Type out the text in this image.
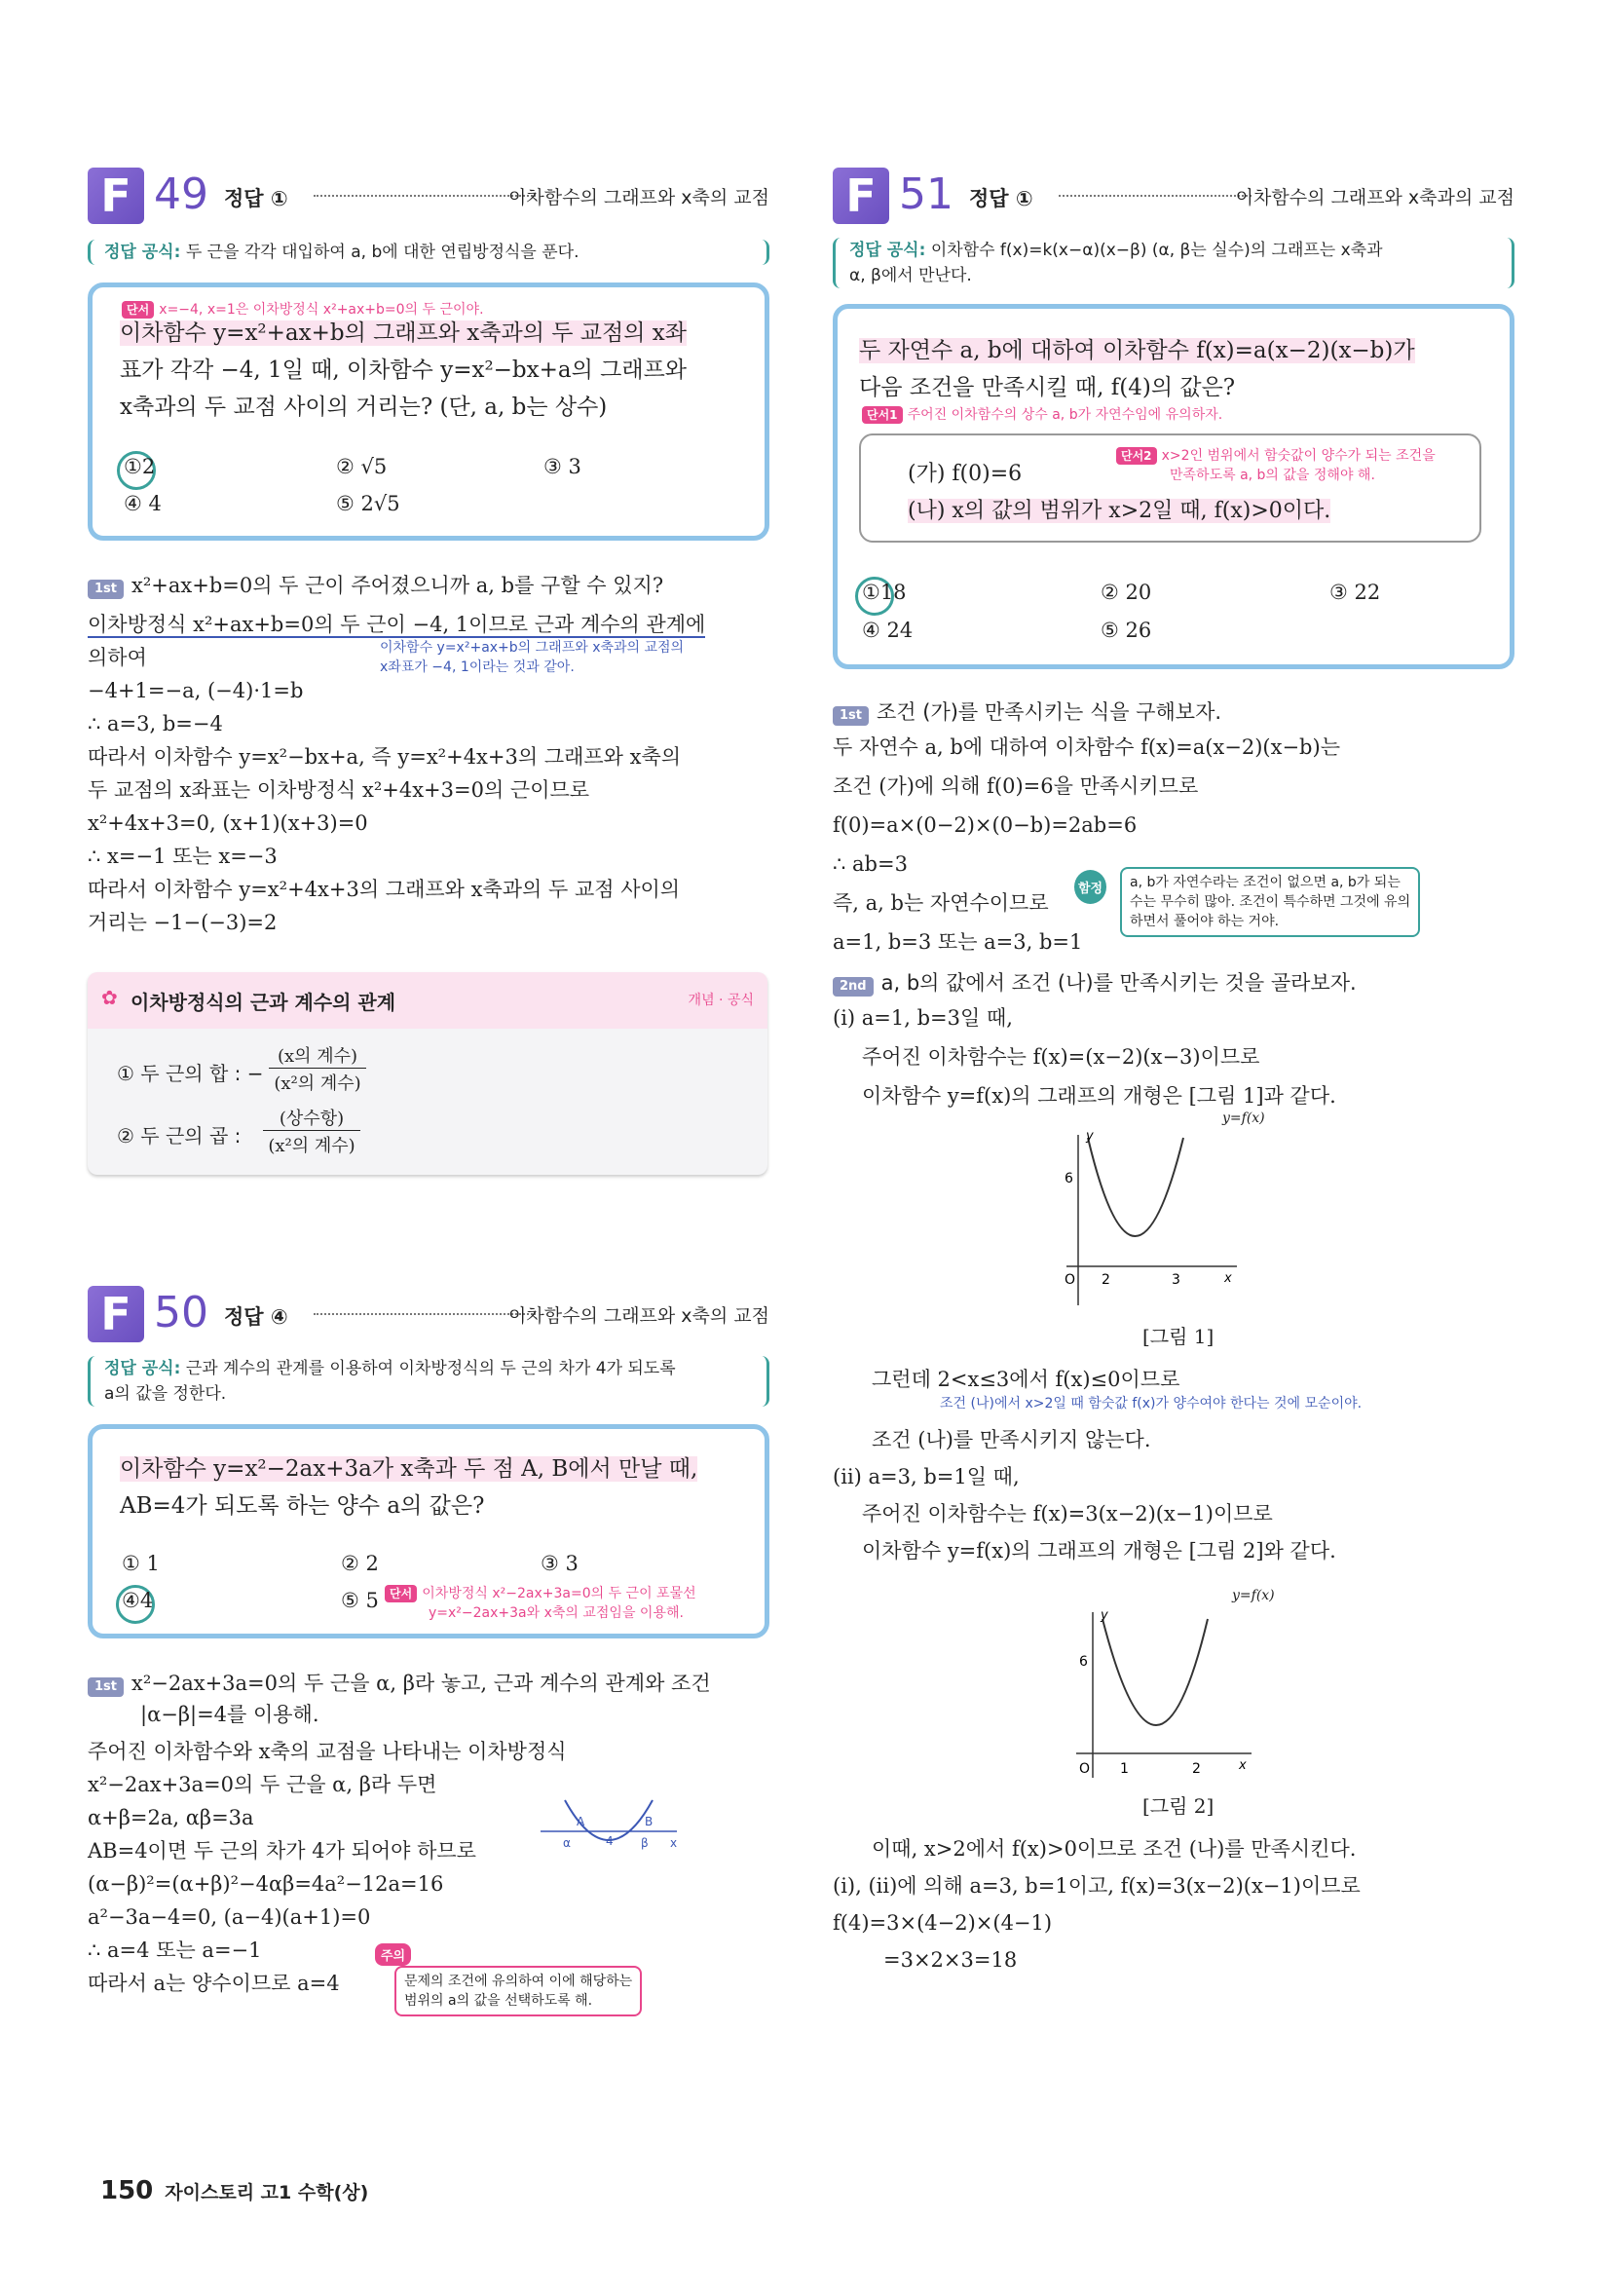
F 49 정답 ①	이차함수의 그래프와 x축의 교점
정답 공식: 두 근을 각각 대입하여 a, b에 대한 연립방정식을 푼다.
단서 x=−4, x=1은 이차방정식 x²+ax+b=0의 두 근이야.
이차함수 y=x²+ax+b의 그래프와 x축과의 두 교점의 x좌
표가 각각 −4, 1일 때, 이차함수 y=x²−bx+a의 그래프와
x축과의 두 교점 사이의 거리는? (단, a, b는 상수)
①2	② √5	③ 3
④ 4	⑤ 2√5
1st x²+ax+b=0의 두 근이 주어졌으니까 a, b를 구할 수 있지?
이차방정식 x²+ax+b=0의 두 근이 −4, 1이므로 근과 계수의 관계에
의하여	이차함수 y=x²+ax+b의 그래프와 x축과의 교점의
x좌표가 −4, 1이라는 것과 같아.
−4+1=−a, (−4)·1=b
∴ a=3, b=−4
따라서 이차함수 y=x²−bx+a, 즉 y=x²+4x+3의 그래프와 x축의
두 교점의 x좌표는 이차방정식 x²+4x+3=0의 근이므로
x²+4x+3=0, (x+1)(x+3)=0
∴ x=−1 또는 x=−3
따라서 이차함수 y=x²+4x+3의 그래프와 x축과의 두 교점 사이의
거리는 −1−(−3)=2
✿ 이차방정식의 근과 계수의 관계	개념 · 공식
① 두 근의 합 : −
(x의 계수)
(x²의 계수)
② 두 근의 곱 :
(상수항)
(x²의 계수)
F 50 정답 ④	이차함수의 그래프와 x축의 교점
정답 공식: 근과 계수의 관계를 이용하여 이차방정식의 두 근의 차가 4가 되도록
a의 값을 정한다.
이차함수 y=x²−2ax+3a가 x축과 두 점 A, B에서 만날 때,
AB=4가 되도록 하는 양수 a의 값은?
① 1	② 2	③ 3
④4	⑤ 5 단서 이차방정식 x²−2ax+3a=0의 두 근이 포물선
y=x²−2ax+3a와 x축의 교점임을 이용해.
1st x²−2ax+3a=0의 두 근을 α, β라 놓고, 근과 계수의 관계와 조건
|α−β|=4를 이용해.
주어진 이차함수와 x축의 교점을 나타내는 이차방정식
x²−2ax+3a=0의 두 근을 α, β라 두면
α+β=2a, αβ=3a
AB=4이면 두 근의 차가 4가 되어야 하므로
(α−β)²=(α+β)²−4αβ=4a²−12a=16
a²−3a−4=0, (a−4)(a+1)=0
∴ a=4 또는 a=−1
따라서 a는 양수이므로 a=4
A	B
α	β
4	x
주의
문제의 조건에 유의하여 이에 해당하는
범위의 a의 값을 선택하도록 해.
F 51 정답 ①	이차함수의 그래프와 x축과의 교점
정답 공식: 이차함수 f(x)=k(x−α)(x−β) (α, β는 실수)의 그래프는 x축과
α, β에서 만난다.
두 자연수 a, b에 대하여 이차함수 f(x)=a(x−2)(x−b)가
다음 조건을 만족시킬 때, f(4)의 값은?
단서1 주어진 이차함수의 상수 a, b가 자연수임에 유의하자.
(가) f(0)=6
(나) x의 값의 범위가 x>2일 때, f(x)>0이다.
단서2 x>2인 범위에서 함숫값이 양수가 되는 조건을
만족하도록 a, b의 값을 정해야 해.
①18	② 20	③ 22
④ 24	⑤ 26
1st 조건 (가)를 만족시키는 식을 구해보자.
두 자연수 a, b에 대하여 이차함수 f(x)=a(x−2)(x−b)는
조건 (가)에 의해 f(0)=6을 만족시키므로
f(0)=a×(0−2)×(0−b)=2ab=6
∴ ab=3
즉, a, b는 자연수이므로
a=1, b=3 또는 a=3, b=1
2nd a, b의 값에서 조건 (나)를 만족시키는 것을 골라보자.
(ⅰ) a=1, b=3일 때,
주어진 이차함수는 f(x)=(x−2)(x−3)이므로
이차함수 y=f(x)의 그래프의 개형은 [그림 1]과 같다.
함정 a, b가 자연수라는 조건이 없으면 a, b가 되는
수는 무수히 많아. 조건이 특수하면 그것에 유의
하면서 풀어야 하는 거야.
y
x
O
6
2	3
y=f(x)
[그림 1]
그런데 2<x≤3에서 f(x)≤0이므로
조건 (나)에서 x>2일 때 함숫값 f(x)가 양수여야 한다는 것에 모순이야.
조건 (나)를 만족시키지 않는다.
(ⅱ) a=3, b=1일 때,
주어진 이차함수는 f(x)=3(x−2)(x−1)이므로
이차함수 y=f(x)의 그래프의 개형은 [그림 2]와 같다.
y
x
O
6
1	2
y=f(x)
[그림 2]
이때, x>2에서 f(x)>0이므로 조건 (나)를 만족시킨다.
(ⅰ), (ⅱ)에 의해 a=3, b=1이고, f(x)=3(x−2)(x−1)이므로
f(4)=3×(4−2)×(4−1)
=3×2×3=18
150 자이스토리 고1 수학(상)
